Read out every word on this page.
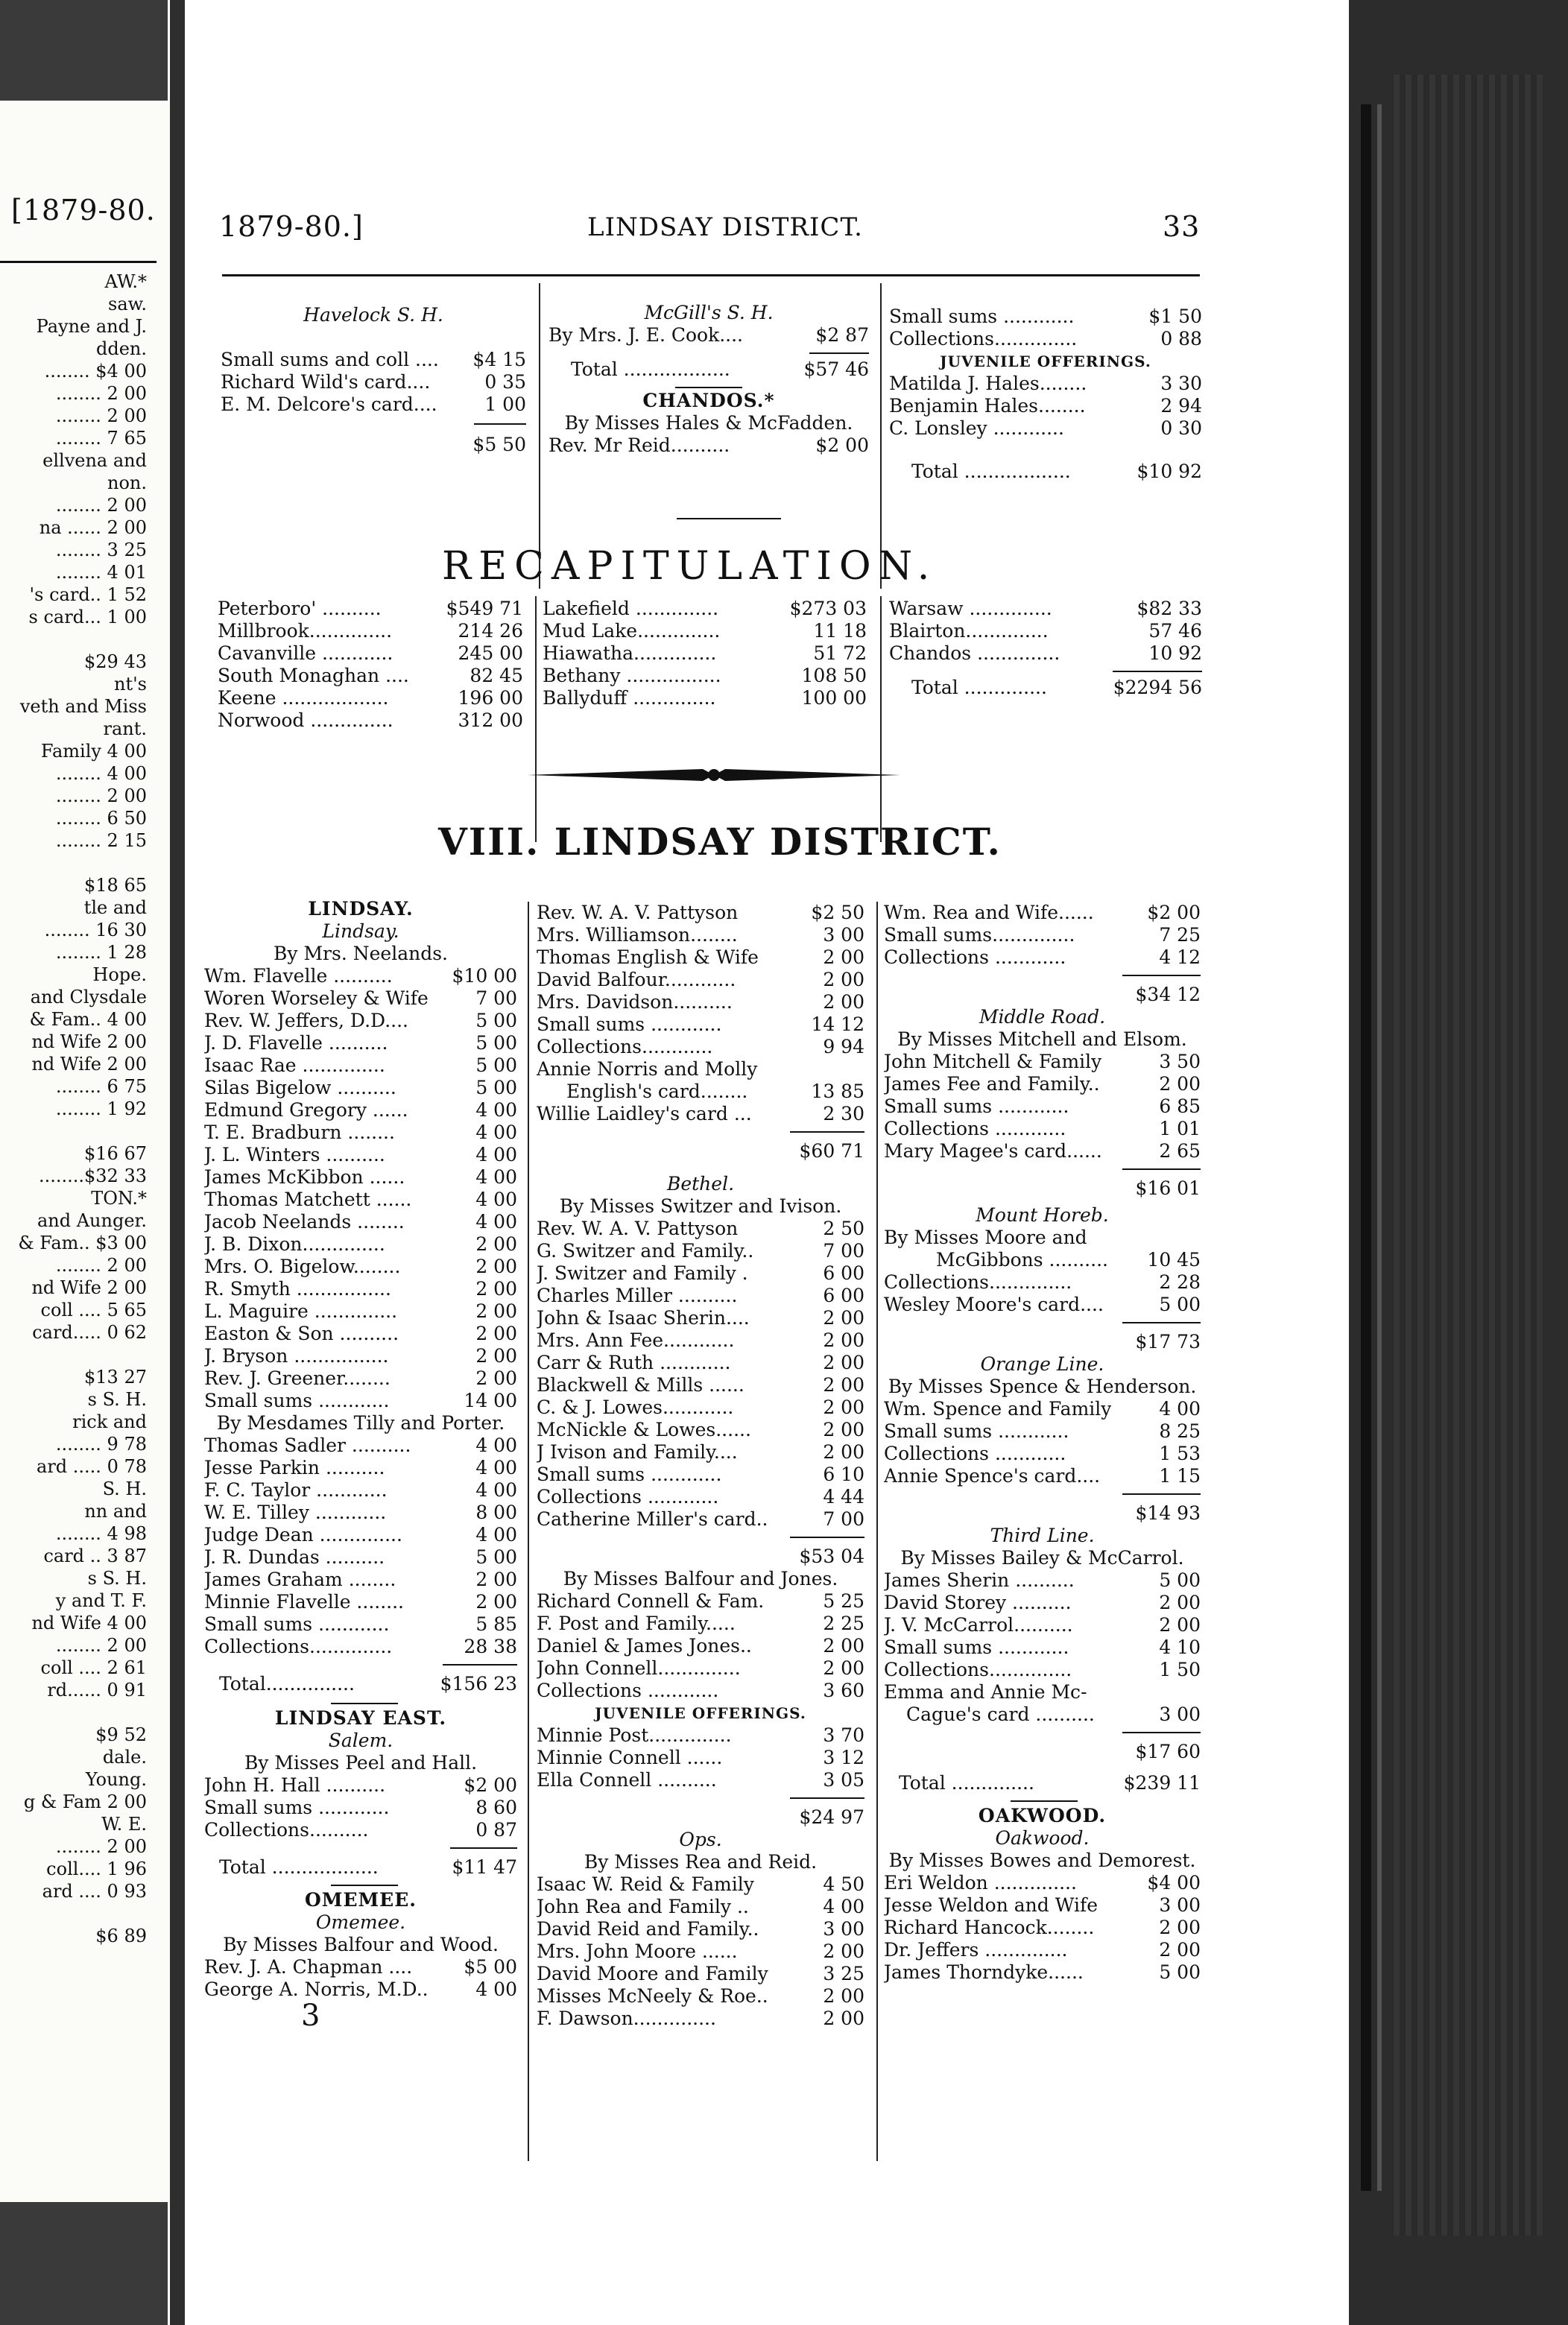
[1879-80.
AW.*
saw.
Payne and J.
dden.
........ $4 00
........ 2 00
........ 2 00
........ 7 65
ellvena and
non.
........ 2 00
na ...... 2 00
........ 3 25
........ 4 01
's card.. 1 52
s card... 1 00

$29 43
nt's
veth and Miss
rant.
Family 4 00
........ 4 00
........ 2 00
........ 6 50
........ 2 15

$18 65
tle and
........ 16 30
........ 1 28
Hope.
and Clysdale
& Fam.. 4 00
nd Wife 2 00
nd Wife 2 00
........ 6 75
........ 1 92

$16 67
........$32 33
TON.*
and Aunger.
& Fam.. $3 00
........ 2 00
nd Wife 2 00
coll .... 5 65
card..... 0 62

$13 27
s S. H.
rick and
........ 9 78
ard ..... 0 78
S. H.
nn and
........ 4 98
card .. 3 87
s S. H.
y and T. F.
nd Wife 4 00
........ 2 00
coll .... 2 61
rd...... 0 91

$9 52
dale.
Young.
g & Fam 2 00
W. E.
........ 2 00
coll.... 1 96
ard .... 0 93

$6 89
1879-80.]	LINDSAY DISTRICT.	33
Havelock S. H.
Small sums and coll .... $4 15
Richard Wild's card....	0 35
E. M. Delcore's card....	1 00
$5 50
McGill's S. H.
By Mrs. J. E. Cook....	$2 87
Total ..................	$57 46
CHANDOS.*
By Misses Hales & McFadden.
Rev. Mr Reid..........	$2 00
Small sums ............	$1 50
Collections..............	0 88
JUVENILE OFFERINGS.
Matilda J. Hales........	3 30
Benjamin Hales........	2 94
C. Lonsley ............	0 30
Total ..................	$10 92
RECAPITULATION.
Peterboro' ..........	$549 71
Millbrook..............	214 26
Cavanville ............	245 00
South Monaghan ....	82 45
Keene ..................	196 00
Norwood ..............	312 00
Lakefield ..............	$273 03
Mud Lake..............	11 18
Hiawatha..............	51 72
Bethany ................	108 50
Ballyduff ..............	100 00
Warsaw ..............	$82 33
Blairton..............	57 46
Chandos ..............	10 92
Total ..............	$2294 56
VIII. LINDSAY DISTRICT.
LINDSAY.
Lindsay.
By Mrs. Neelands.
Wm. Flavelle ..........	$10 00
Woren Worseley & Wife	7 00
Rev. W. Jeffers, D.D....	5 00
J. D. Flavelle ..........	5 00
Isaac Rae ..............	5 00
Silas Bigelow ..........	5 00
Edmund Gregory ......	4 00
T. E. Bradburn ........	4 00
J. L. Winters ..........	4 00
James McKibbon ......	4 00
Thomas Matchett ......	4 00
Jacob Neelands ........	4 00
J. B. Dixon..............	2 00
Mrs. O. Bigelow........	2 00
R. Smyth ................	2 00
L. Maguire ..............	2 00
Easton & Son ..........	2 00
J. Bryson ................	2 00
Rev. J. Greener........	2 00
Small sums ............	14 00
By Mesdames Tilly and Porter.
Thomas Sadler ..........	4 00
Jesse Parkin ..........	4 00
F. C. Taylor ............	4 00
W. E. Tilley ............	8 00
Judge Dean ..............	4 00
J. R. Dundas ..........	5 00
James Graham ........	2 00
Minnie Flavelle ........	2 00
Small sums ............	5 85
Collections..............	28 38
Total...............	$156 23
LINDSAY EAST.
Salem.
By Misses Peel and Hall.
John H. Hall ..........	$2 00
Small sums ............	8 60
Collections..........	0 87
Total ..................	$11 47
OMEMEE.
Omemee.
By Misses Balfour and Wood.
Rev. J. A. Chapman ....	$5 00
George A. Norris, M.D..	4 00
3
Rev. W. A. V. Pattyson	$2 50
Mrs. Williamson........	3 00
Thomas English & Wife	2 00
David Balfour............	2 00
Mrs. Davidson..........	2 00
Small sums ............	14 12
Collections............	9 94
Annie Norris and Molly
English's card........	13 85
Willie Laidley's card ...	2 30
$60 71
Bethel.
By Misses Switzer and Ivison.
Rev. W. A. V. Pattyson	2 50
G. Switzer and Family..	7 00
J. Switzer and Family .	6 00
Charles Miller ..........	6 00
John & Isaac Sherin....	2 00
Mrs. Ann Fee............	2 00
Carr & Ruth ............	2 00
Blackwell & Mills ......	2 00
C. & J. Lowes............	2 00
McNickle & Lowes......	2 00
J Ivison and Family....	2 00
Small sums ............	6 10
Collections ............	4 44
Catherine Miller's card..	7 00
$53 04
By Misses Balfour and Jones.
Richard Connell & Fam.	5 25
F. Post and Family.....	2 25
Daniel & James Jones..	2 00
John Connell..............	2 00
Collections ............	3 60
JUVENILE OFFERINGS.
Minnie Post..............	3 70
Minnie Connell ......	3 12
Ella Connell ..........	3 05
$24 97
Ops.
By Misses Rea and Reid.
Isaac W. Reid & Family	4 50
John Rea and Family ..	4 00
David Reid and Family..	3 00
Mrs. John Moore ......	2 00
David Moore and Family	3 25
Misses McNeely & Roe..	2 00
F. Dawson..............	2 00
Wm. Rea and Wife......	$2 00
Small sums..............	7 25
Collections ............	4 12
$34 12
Middle Road.
By Misses Mitchell and Elsom.
John Mitchell & Family	3 50
James Fee and Family..	2 00
Small sums ............	6 85
Collections ............	1 01
Mary Magee's card......	2 65
$16 01
Mount Horeb.
By Misses Moore and
McGibbons .......... 10 45
Collections..............	2 28
Wesley Moore's card....	5 00
$17 73
Orange Line.
By Misses Spence & Henderson.
Wm. Spence and Family	4 00
Small sums ............	8 25
Collections ............	1 53
Annie Spence's card....	1 15
$14 93
Third Line.
By Misses Bailey & McCarrol.
James Sherin ..........	5 00
David Storey ..........	2 00
J. V. McCarrol..........	2 00
Small sums ............	4 10
Collections..............	1 50
Emma and Annie Mc-
Cague's card ..........	3 00
$17 60
Total ..............	$239 11
OAKWOOD.
Oakwood.
By Misses Bowes and Demorest.
Eri Weldon ..............	$4 00
Jesse Weldon and Wife	3 00
Richard Hancock........	2 00
Dr. Jeffers ..............	2 00
James Thorndyke......	5 00
